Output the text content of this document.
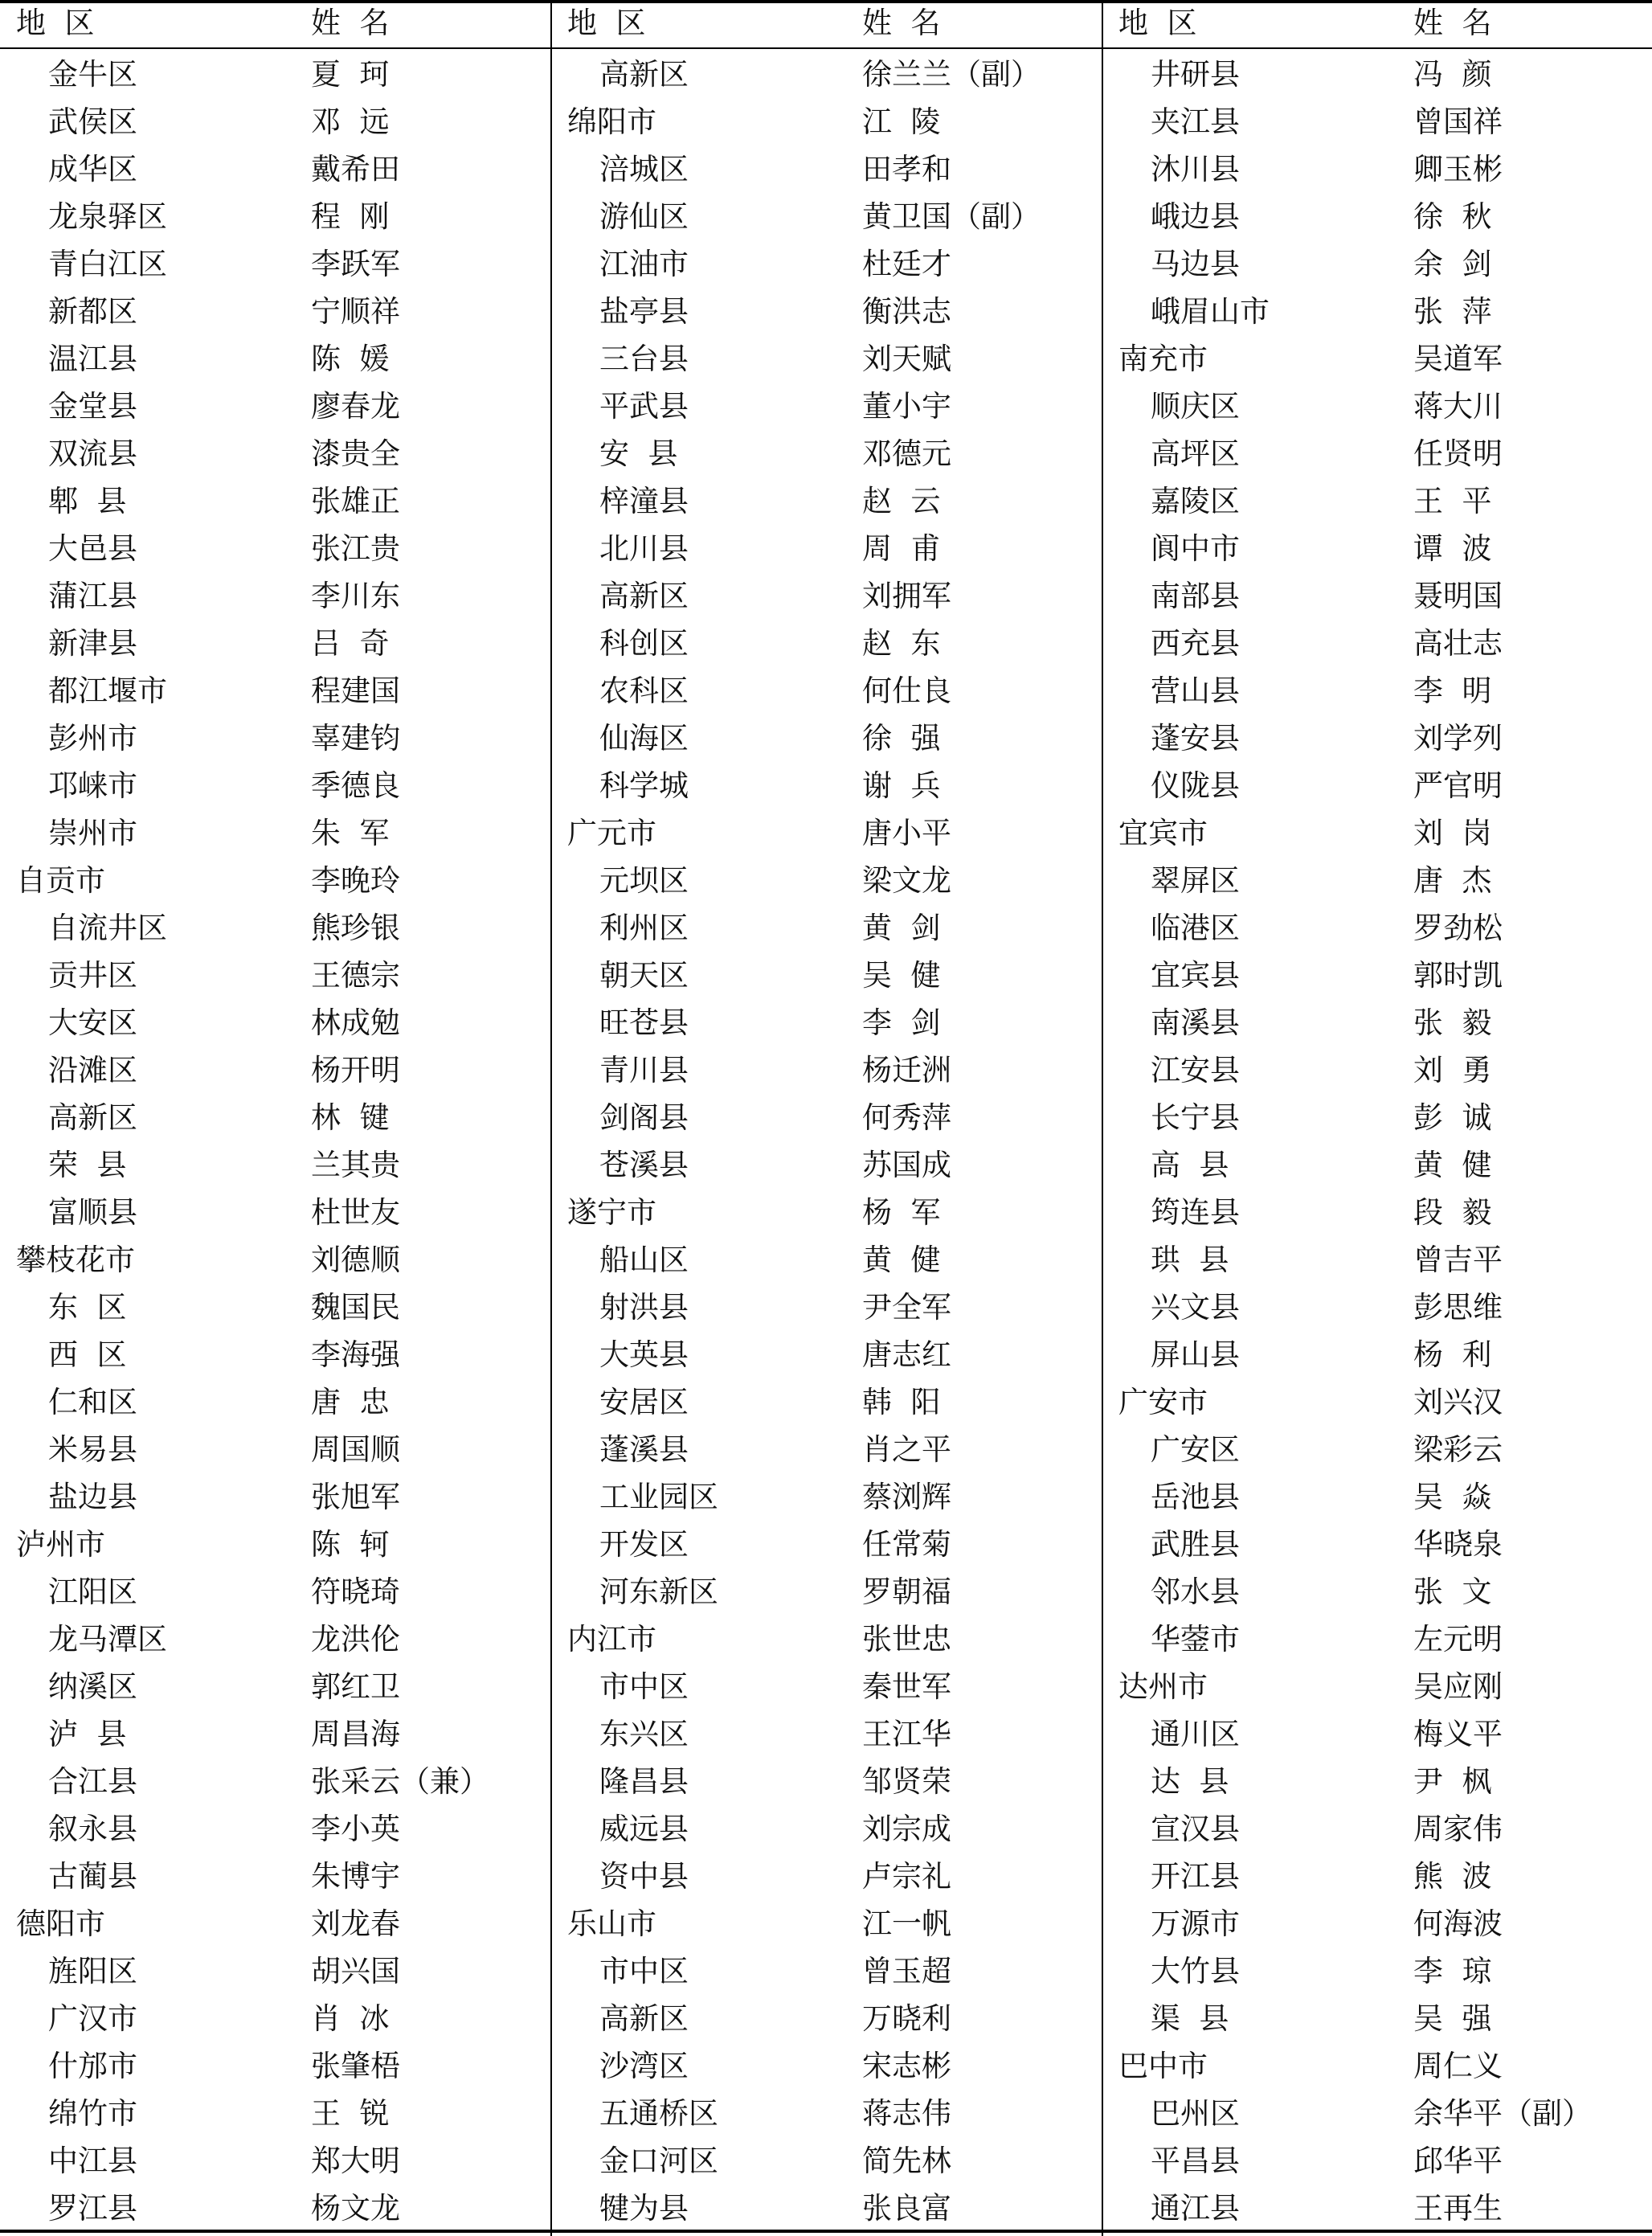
地  区	姓  名
金牛区	夏  珂
武侯区	邓  远
成华区	戴希田
龙泉驿区	程  刚
青白江区	李跃军
新都区	宁顺祥
温江县	陈  媛
金堂县	廖春龙
双流县	漆贵全
郫  县	张雄正
大邑县	张江贵
蒲江县	李川东
新津县	吕  奇
都江堰市	程建国
彭州市	辜建钧
邛崃市	季德良
崇州市	朱  军
自贡市	李晚玲
自流井区	熊珍银
贡井区	王德宗
大安区	林成勉
沿滩区	杨开明
高新区	林  键
荣  县	兰其贵
富顺县	杜世友
攀枝花市	刘德顺
东  区	魏国民
西  区	李海强
仁和区	唐  忠
米易县	周国顺
盐边县	张旭军
泸州市	陈  轲
江阳区	符晓琦
龙马潭区	龙洪伦
纳溪区	郭红卫
泸  县	周昌海
合江县	张采云（兼）
叙永县	李小英
古蔺县	朱博宇
德阳市	刘龙春
旌阳区	胡兴国
广汉市	肖  冰
什邡市	张肇梧
绵竹市	王  锐
中江县	郑大明
罗江县	杨文龙
地  区	姓  名
高新区	徐兰兰（副）
绵阳市	江  陵
涪城区	田孝和
游仙区	黄卫国（副）
江油市	杜廷才
盐亭县	衡洪志
三台县	刘天赋
平武县	董小宇
安  县	邓德元
梓潼县	赵  云
北川县	周  甫
高新区	刘拥军
科创区	赵  东
农科区	何仕良
仙海区	徐  强
科学城	谢  兵
广元市	唐小平
元坝区	梁文龙
利州区	黄  剑
朝天区	吴  健
旺苍县	李  剑
青川县	杨迁洲
剑阁县	何秀萍
苍溪县	苏国成
遂宁市	杨  军
船山区	黄  健
射洪县	尹全军
大英县	唐志红
安居区	韩  阳
蓬溪县	肖之平
工业园区	蔡浏辉
开发区	任常菊
河东新区	罗朝福
内江市	张世忠
市中区	秦世军
东兴区	王江华
隆昌县	邹贤荣
威远县	刘宗成
资中县	卢宗礼
乐山市	江一帆
市中区	曾玉超
高新区	万晓利
沙湾区	宋志彬
五通桥区	蒋志伟
金口河区	简先林
犍为县	张良富
地  区	姓  名
井研县	冯  颜
夹江县	曾国祥
沐川县	卿玉彬
峨边县	徐  秋
马边县	余  剑
峨眉山市	张  萍
南充市	吴道军
顺庆区	蒋大川
高坪区	任贤明
嘉陵区	王  平
阆中市	谭  波
南部县	聂明国
西充县	高壮志
营山县	李  明
蓬安县	刘学列
仪陇县	严官明
宜宾市	刘  岗
翠屏区	唐  杰
临港区	罗劲松
宜宾县	郭时凯
南溪县	张  毅
江安县	刘  勇
长宁县	彭  诚
高  县	黄  健
筠连县	段  毅
珙  县	曾吉平
兴文县	彭思维
屏山县	杨  利
广安市	刘兴汉
广安区	梁彩云
岳池县	吴  焱
武胜县	华晓泉
邻水县	张  文
华蓥市	左元明
达州市	吴应刚
通川区	梅义平
达  县	尹  枫
宣汉县	周家伟
开江县	熊  波
万源市	何海波
大竹县	李  琼
渠  县	吴  强
巴中市	周仁义
巴州区	余华平（副）
平昌县	邱华平
通江县	王再生
